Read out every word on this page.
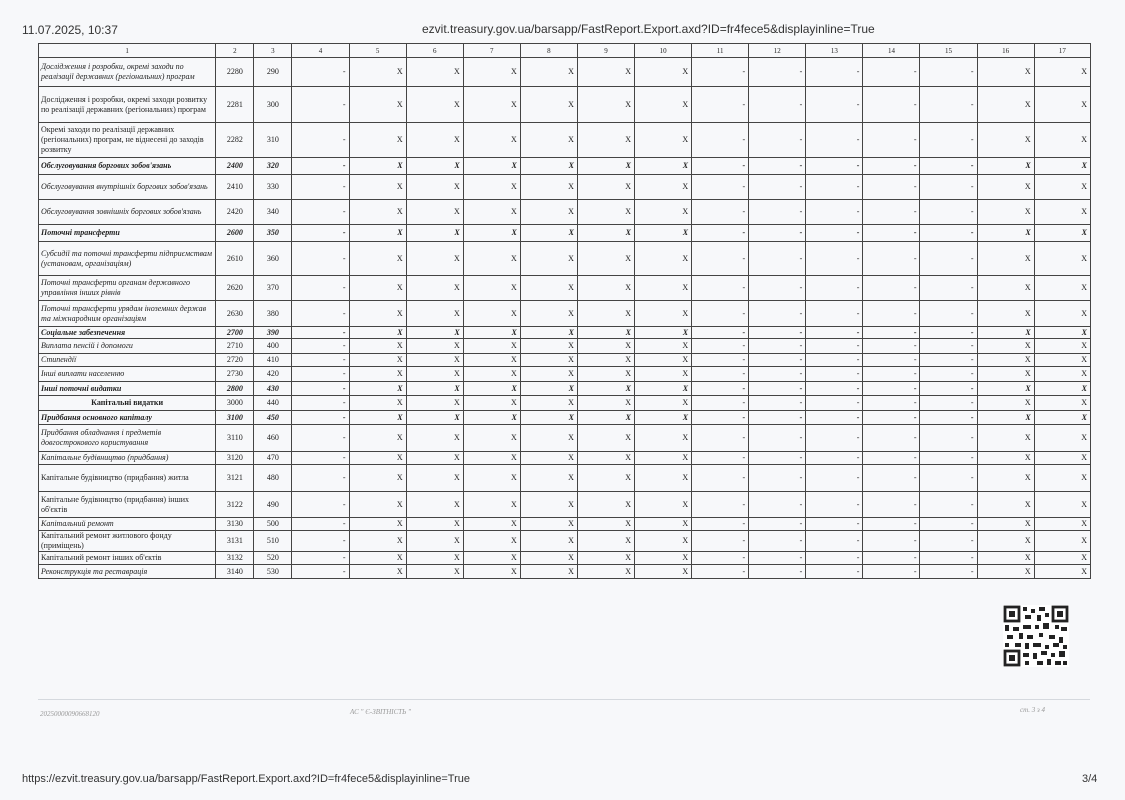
11.07.2025, 10:37	ezvit.treasury.gov.ua/barsapp/FastReport.Export.axd?ID=fr4fece5&displayinline=True
1	2	3	4	5	6	7	8	9	10	11	12	13	14	15	16	17
Дослідження і розробки, окремі заходи по реалізації державних (регіональних) програм	2280	290	-	X	X	X	X	X	X	-	-	-	-	-	X	X
Дослідження і розробки, окремі заходи розвитку по реалізації державних (регіональних) програм	2281	300	-	X	X	X	X	X	X	-	-	-	-	-	X	X
Окремі заходи по реалізації державних (регіональних) програм, не віднесені до заходів розвитку	2282	310	-	X	X	X	X	X	X	-	-	-	-	-	X	X
Обслуговування боргових зобов'язань	2400	320	-	X	X	X	X	X	X	-	-	-	-	-	X	X
Обслуговування внутрішніх боргових зобов'язань	2410	330	-	X	X	X	X	X	X	-	-	-	-	-	X	X
Обслуговування зовнішніх боргових зобов'язань	2420	340	-	X	X	X	X	X	X	-	-	-	-	-	X	X
Поточні трансферти	2600	350	-	X	X	X	X	X	X	-	-	-	-	-	X	X
Субсидії та поточні трансферти підприємствам (установам, організаціям)	2610	360	-	X	X	X	X	X	X	-	-	-	-	-	X	X
Поточні трансферти органам державного управління інших рівнів	2620	370	-	X	X	X	X	X	X	-	-	-	-	-	X	X
Поточні трансферти урядам іноземних держав та міжнародним організаціям	2630	380	-	X	X	X	X	X	X	-	-	-	-	-	X	X
Соціальне забезпечення	2700	390	-	X	X	X	X	X	X	-	-	-	-	-	X	X
Виплата пенсій і допомоги	2710	400	-	X	X	X	X	X	X	-	-	-	-	-	X	X
Стипендії	2720	410	-	X	X	X	X	X	X	-	-	-	-	-	X	X
Інші виплати населенню	2730	420	-	X	X	X	X	X	X	-	-	-	-	-	X	X
Інші поточні видатки	2800	430	-	X	X	X	X	X	X	-	-	-	-	-	X	X
Капітальні видатки	3000	440	-	X	X	X	X	X	X	-	-	-	-	-	X	X
Придбання основного капіталу	3100	450	-	X	X	X	X	X	X	-	-	-	-	-	X	X
Придбання обладнання і предметів довгострокового користування	3110	460	-	X	X	X	X	X	X	-	-	-	-	-	X	X
Капітальне будівництво (придбання)	3120	470	-	X	X	X	X	X	X	-	-	-	-	-	X	X
Капітальне будівництво (придбання) житла	3121	480	-	X	X	X	X	X	X	-	-	-	-	-	X	X
Капітальне будівництво (придбання) інших об'єктів	3122	490	-	X	X	X	X	X	X	-	-	-	-	-	X	X
Капітальний ремонт	3130	500	-	X	X	X	X	X	X	-	-	-	-	-	X	X
Капітальний ремонт житлового фонду (приміщень)	3131	510	-	X	X	X	X	X	X	-	-	-	-	-	X	X
Капітальний ремонт інших об'єктів	3132	520	-	X	X	X	X	X	X	-	-	-	-	-	X	X
Реконструкція та реставрація	3140	530	-	X	X	X	X	X	X	-	-	-	-	-	X	X
20250000090668120	АС " Є-ЗВІТНІСТЬ "	ст. 3 з 4
https://ezvit.treasury.gov.ua/barsapp/FastReport.Export.axd?ID=fr4fece5&displayinline=True	3/4
